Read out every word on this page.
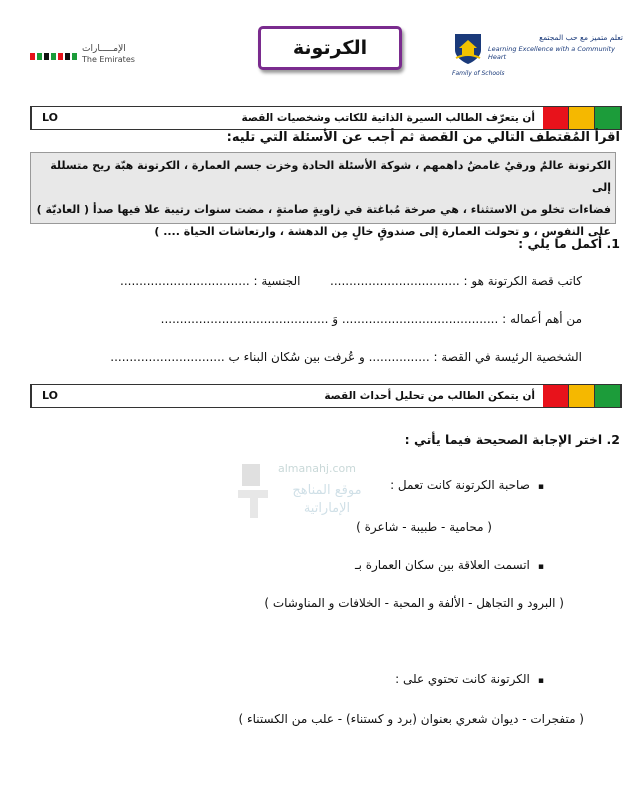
الإمـــــارات
The Emirates
الكرتونة	تعلم متميز مع حب المجتمع
Learning Excellence with a Community Heart
Family of Schools
LO	أن يتعرّف الطالب السيرة الذاتية للكاتب وشخصيات القصة
اقرأ المُقتطف التالي من القصة ثم أجب عن الأسئلة التي تليه:
الكرتونة عالمٌ ورقيٌ غامضٌ داهمهم ، شوكة الأسئلة الحادة وخزت جسم العمارة ، الكرتونة هبّة ريح متسللة إلى
فضاءات تخلو من الاستثناء ، هي صرخة مُباغتة في زاويةٍ صامتةٍ ، مضت سنوات رتيبة علا فيها صدأ ( العاديّة )
على النفوس ، و تحولت العمارة إلى صندوقٍ خالٍ مِن الدهشة ، وارتعاشات الحياة .... )
1. أكمل ما يلي :
كاتب قصة الكرتونة هو : ..................................
الجنسية : ..................................
من أهم أعماله : ......................................... وَ ............................................
الشخصية الرئيسة في القصة : ................ و عُرفت بين سُكان البناء ب ..............................
LO	أن يتمكن الطالب من تحليل أحداث القصة
2. اختر الإجابة الصحيحة فيما يأتي :
▪ صاحبة الكرتونة كانت تعمل :
( محامية - طبيبة - شاعرة )
▪ اتسمت العلاقة بين سكان العمارة بـ
( البرود و التجاهل - الألفة و المحبة - الخلافات و المناوشات )
▪ الكرتونة كانت تحتوي على :
( متفجرات - ديوان شعري بعنوان (برد و كستناء) - علب من الكستناء )
almanahj.com
موقع المناهج الإماراتية
